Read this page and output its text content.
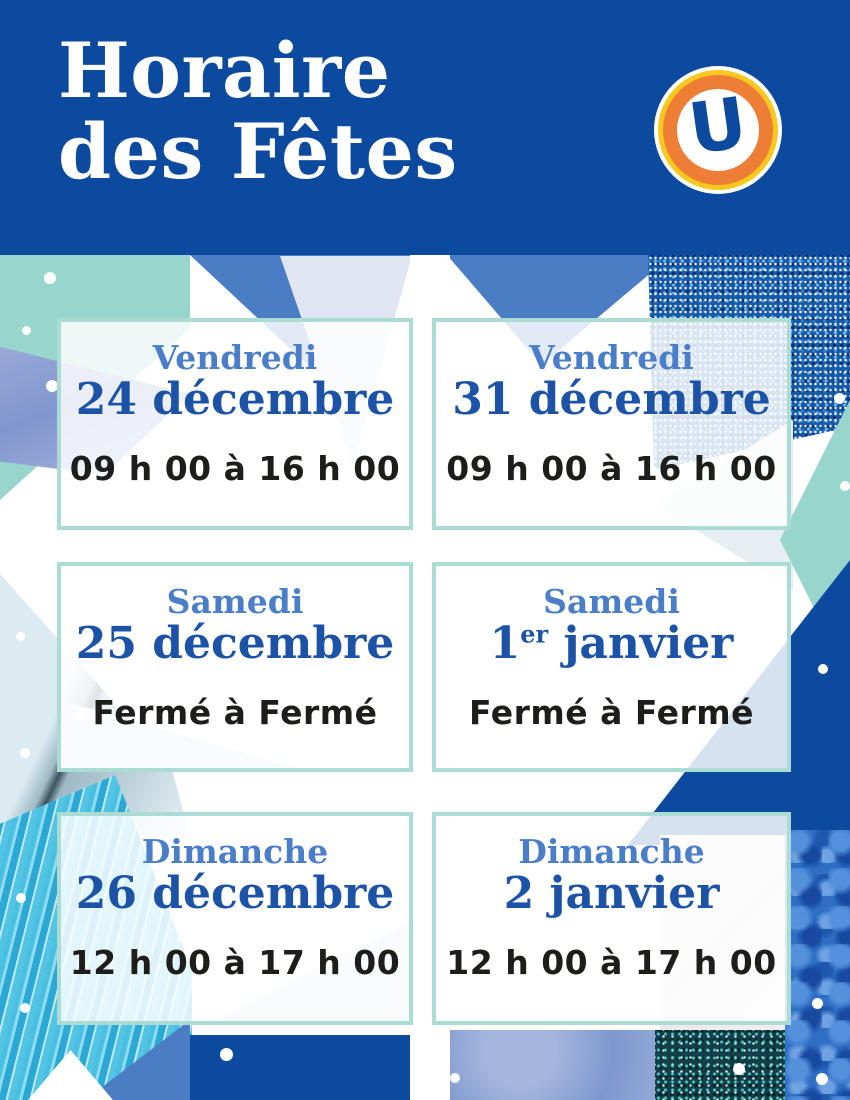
Horaire
des Fêtes	U
Vendredi
24 décembre
09 h 00 à 16 h 00
Vendredi
31 décembre
09 h 00 à 16 h 00
Samedi
25 décembre
Fermé à Fermé
Samedi
1er janvier
Fermé à Fermé
Dimanche
26 décembre
12 h 00 à 17 h 00
Dimanche
2 janvier
12 h 00 à 17 h 00
